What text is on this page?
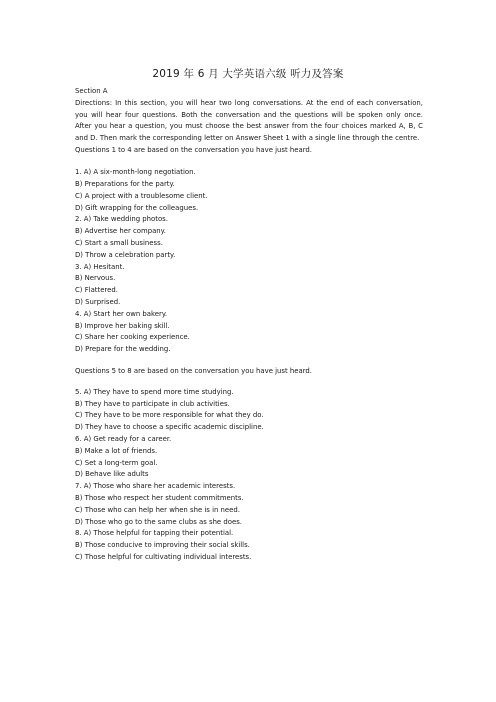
2019 年 6 月 大学英语六级 听力及答案
Section A
Directions: In this section, you will hear two long conversations. At the end of each conversation, you will hear four questions. Both the conversation and the questions will be spoken only once. After you hear a question, you must choose the best answer from the four choices marked A, B, C and D. Then mark the corresponding letter on Answer Sheet 1 with a single line through the centre.
Questions 1 to 4 are based on the conversation you have just heard.
1. A) A six-month-long negotiation.
B) Preparations for the party.
C) A project with a troublesome client.
D) Gift wrapping for the colleagues.
2. A) Take wedding photos.
B) Advertise her company.
C) Start a small business.
D) Throw a celebration party.
3. A) Hesitant.
B) Nervous.
C) Flattered.
D) Surprised.
4. A) Start her own bakery.
B) Improve her baking skill.
C) Share her cooking experience.
D) Prepare for the wedding.
Questions 5 to 8 are based on the conversation you have just heard.
5. A) They have to spend more time studying.
B) They have to participate in club activities.
C) They have to be more responsible for what they do.
D) They have to choose a specific academic discipline.
6. A) Get ready for a career.
B) Make a lot of friends.
C) Set a long-term goal.
D) Behave like adults
7. A) Those who share her academic interests.
B) Those who respect her student commitments.
C) Those who can help her when she is in need.
D) Those who go to the same clubs as she does.
8. A) Those helpful for tapping their potential.
B) Those conducive to improving their social skills.
C) Those helpful for cultivating individual interests.
